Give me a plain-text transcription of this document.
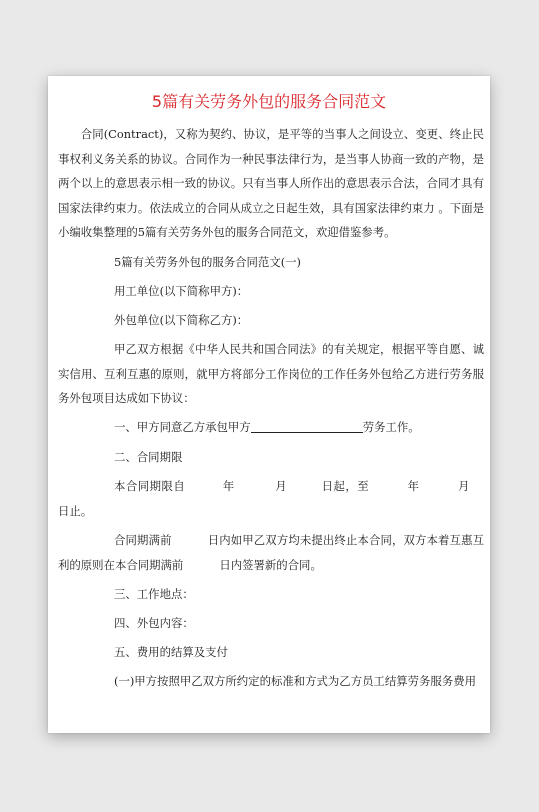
5篇有关劳务外包的服务合同范文

合同(Contract)，又称为契约、协议，是平等的当事人之间设立、变更、终止民事权利义务关系的协议。合同作为一种民事法律行为，是当事人协商一致的产物，是两个以上的意思表示相一致的协议。只有当事人所作出的意思表示合法，合同才具有国家法律约束力。依法成立的合同从成立之日起生效，具有国家法律约束力 。下面是小编收集整理的5篇有关劳务外包的服务合同范文，欢迎借鉴参考。

5篇有关劳务外包的服务合同范文(一)

用工单位(以下简称甲方)：

外包单位(以下简称乙方)：

甲乙双方根据《中华人民共和国合同法》的有关规定，根据平等自愿、诚实信用、互利互惠的原则，就甲方将部分工作岗位的工作任务外包给乙方进行劳务服务外包项目达成如下协议：

一、甲方同意乙方承包甲方	劳务工作。

二、合同期限

本合同期限自	年	月	日起，至	年	月日止。

合同期满前	日内如甲乙双方均未提出终止本合同，双方本着互惠互利的原则在本合同期满前	日内签署新的合同。

三、工作地点：

四、外包内容：

五、费用的结算及支付

(一)甲方按照甲乙双方所约定的标准和方式为乙方员工结算劳务服务费用
